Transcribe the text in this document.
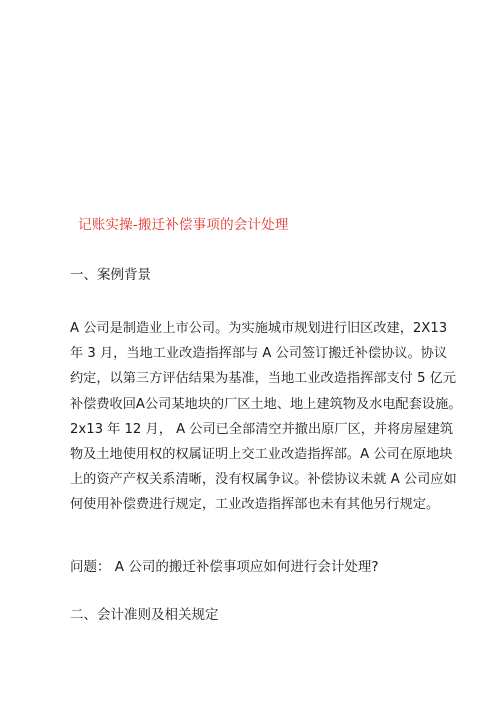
记账实操-搬迁补偿事项的会计处理
一、案例背景
A 公司是制造业上市公司。为实施城市规划进行旧区改建，2X13
年 3 月，当地工业改造指挥部与 A 公司签订搬迁补偿协议。协议
约定，以第三方评估结果为基准，当地工业改造指挥部支付 5 亿元
补偿费收回A公司某地块的厂区土地、地上建筑物及水电配套设施。
2x13 年 12 月， A 公司已全部清空并撤出原厂区，并将房屋建筑
物及土地使用权的权属证明上交工业改造指挥部。A 公司在原地块
上的资产产权关系清晰，没有权属争议。补偿协议未就 A 公司应如
何使用补偿费进行规定，工业改造指挥部也未有其他另行规定。
问题： A 公司的搬迁补偿事项应如何进行会计处理?
二、会计准则及相关规定
